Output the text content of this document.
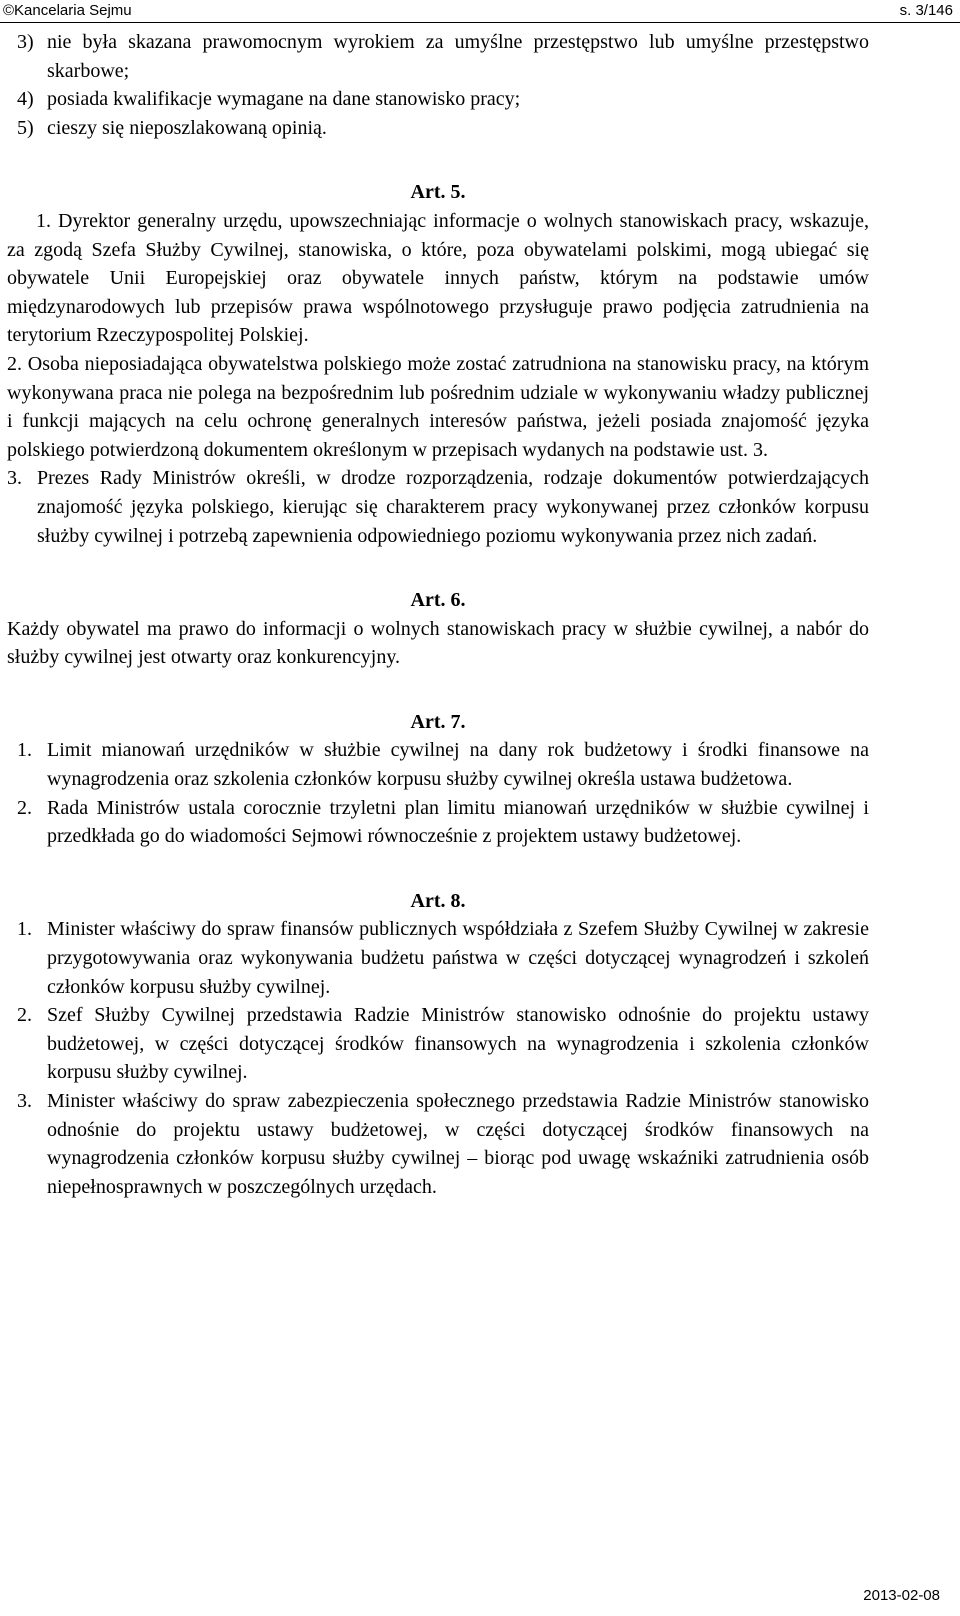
©Kancelaria Sejmu	s. 3/146

3) nie była skazana prawomocnym wyrokiem za umyślne przestępstwo lub umyślne przestępstwo skarbowe;

4) posiada kwalifikacje wymagane na dane stanowisko pracy;

5) cieszy się nieposzlakowaną opinią.

Art. 5.

1. Dyrektor generalny urzędu, upowszechniając informacje o wolnych stanowiskach pracy, wskazuje, za zgodą Szefa Służby Cywilnej, stanowiska, o które, poza obywatelami polskimi, mogą ubiegać się obywatele Unii Europejskiej oraz obywatele innych państw, którym na podstawie umów międzynarodowych lub przepisów prawa wspólnotowego przysługuje prawo podjęcia zatrudnienia na terytorium Rzeczypospolitej Polskiej.

2. Osoba nieposiadająca obywatelstwa polskiego może zostać zatrudniona na stanowisku pracy, na którym wykonywana praca nie polega na bezpośrednim lub pośrednim udziale w wykonywaniu władzy publicznej i funkcji mających na celu ochronę generalnych interesów państwa, jeżeli posiada znajomość języka polskiego potwierdzoną dokumentem określonym w przepisach wydanych na podstawie ust. 3.

3. Prezes Rady Ministrów określi, w drodze rozporządzenia, rodzaje dokumentów potwierdzających znajomość języka polskiego, kierując się charakterem pracy wykonywanej przez członków korpusu służby cywilnej i potrzebą zapewnienia odpowiedniego poziomu wykonywania przez nich zadań.

Art. 6.

Każdy obywatel ma prawo do informacji o wolnych stanowiskach pracy w służbie cywilnej, a nabór do służby cywilnej jest otwarty oraz konkurencyjny.

Art. 7.

1. Limit mianowań urzędników w służbie cywilnej na dany rok budżetowy i środki finansowe na wynagrodzenia oraz szkolenia członków korpusu służby cywilnej określa ustawa budżetowa.

2. Rada Ministrów ustala corocznie trzyletni plan limitu mianowań urzędników w służbie cywilnej i przedkłada go do wiadomości Sejmowi równocześnie z projektem ustawy budżetowej.

Art. 8.

1. Minister właściwy do spraw finansów publicznych współdziała z Szefem Służby Cywilnej w zakresie przygotowywania oraz wykonywania budżetu państwa w części dotyczącej wynagrodzeń i szkoleń członków korpusu służby cywilnej.

2. Szef Służby Cywilnej przedstawia Radzie Ministrów stanowisko odnośnie do projektu ustawy budżetowej, w części dotyczącej środków finansowych na wynagrodzenia i szkolenia członków korpusu służby cywilnej.

3. Minister właściwy do spraw zabezpieczenia społecznego przedstawia Radzie Ministrów stanowisko odnośnie do projektu ustawy budżetowej, w części dotyczącej środków finansowych na wynagrodzenia członków korpusu służby cywilnej – biorąc pod uwagę wskaźniki zatrudnienia osób niepełnosprawnych w poszczególnych urzędach.

2013-02-08
